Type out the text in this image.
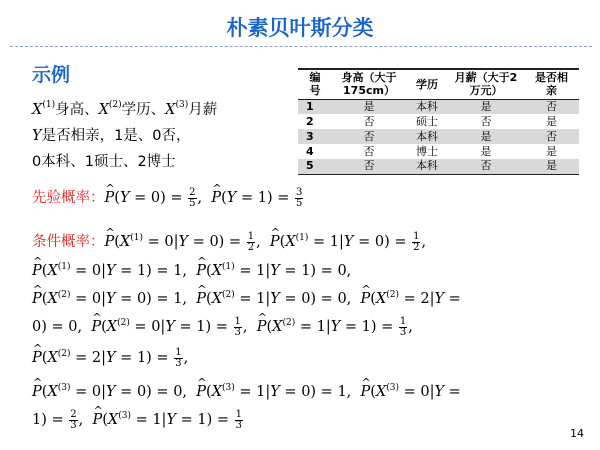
朴素贝叶斯分类
示例
$X^{(1)}$身高、$X^{(2)}$学历、$X^{(3)}$月薪
Y是否相亲，1是、0否，
0本科、1硕士、2博士
编
号	身高（大于
175cm）	学历	月薪（大于2
万元）	是否相
亲
1	是	本科	是	否
2	否	硕士	否	是
3	否	本科	是	否
4	否	博士	是	是
5	否	本科	否	是
先验概率：^ $P(Y = 0) = \frac{2}{5}$ ,  ^ $P(Y = 1) = \frac{3}{5}$
条件概率：^ $P(X^{(1)} = 0|Y = 0) = \frac{1}{2}$ ,  ^ $P(X^{(1)} = 1|Y = 0) = \frac{1}{2}$ ,
^ $P(X^{(1)} = 0|Y = 1) = 1$,  ^ $P(X^{(1)} = 1|Y = 1) = 0$,
^ $P(X^{(2)} = 0|Y = 0) = 1$,  ^ $P(X^{(2)} = 1|Y = 0) = 0$,  ^ $P(X^{(2)} = 2|Y$ =
0) = 0,  ^ $P(X^{(2)} = 0|Y = 1) = \frac{1}{3}$ ,  ^ $P(X^{(2)} = 1|Y = 1) = \frac{1}{3}$ ,
^ $P(X^{(2)} = 2|Y = 1) = \frac{1}{3}$ ,
^ $P(X^{(3)} = 0|Y = 0) = 0$,  ^ $P(X^{(3)} = 1|Y = 0) = 1$,  ^ $P(X^{(3)} = 0|Y$ =
$1) = \frac{2}{3}$ ,  ^ $P(X^{(3)} = 1|Y = 1) = \frac{1}{3}$
14
